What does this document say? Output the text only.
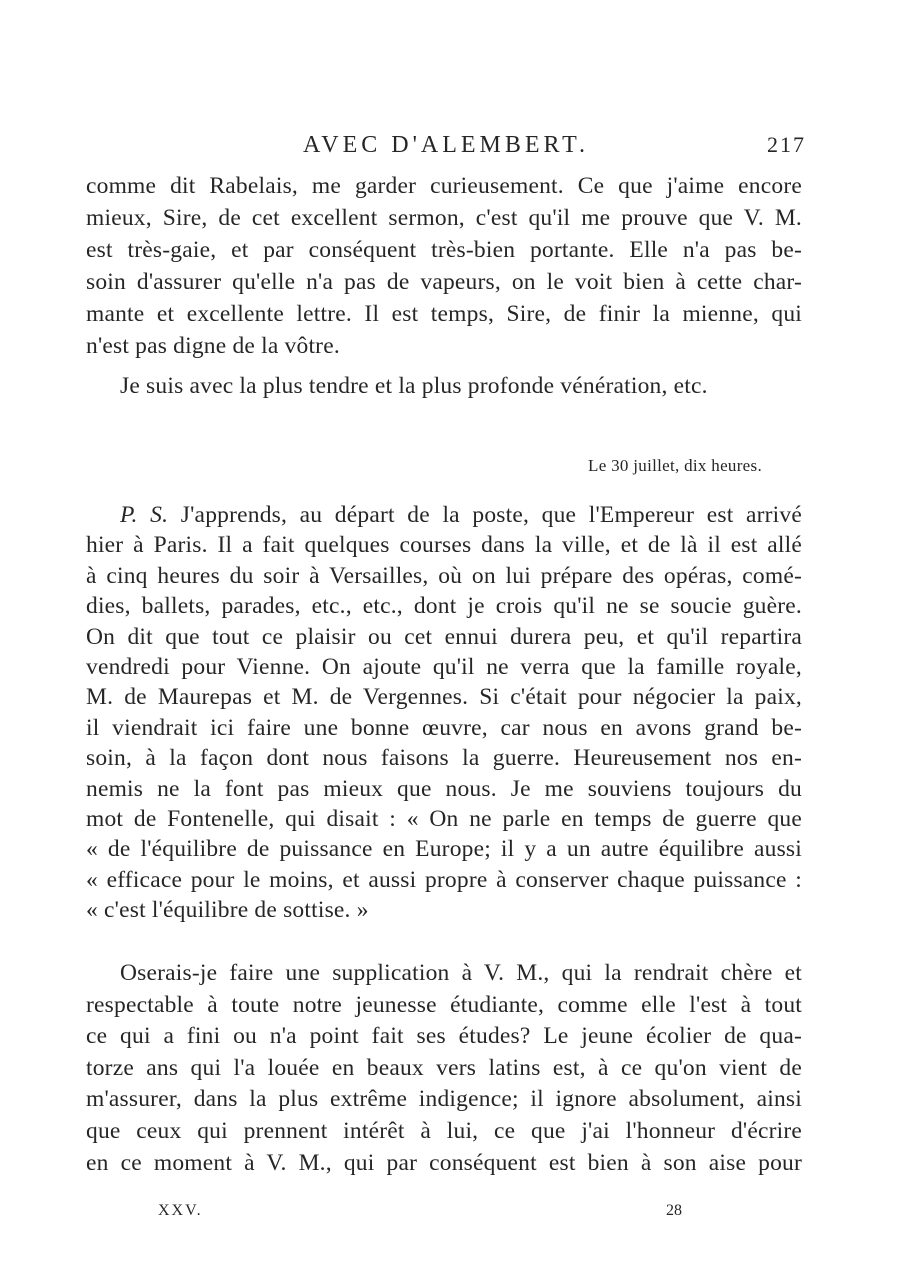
AVEC D'ALEMBERT.	217
comme dit Rabelais, me garder curieusement. Ce que j'aime encore
mieux, Sire, de cet excellent sermon, c'est qu'il me prouve que V. M.
est très-gaie, et par conséquent très-bien portante. Elle n'a pas be-
soin d'assurer qu'elle n'a pas de vapeurs, on le voit bien à cette char-
mante et excellente lettre. Il est temps, Sire, de finir la mienne, qui
n'est pas digne de la vôtre.
Je suis avec la plus tendre et la plus profonde vénération, etc.
Le 30 juillet, dix heures.
P. S. J'apprends, au départ de la poste, que l'Empereur est arrivé
hier à Paris. Il a fait quelques courses dans la ville, et de là il est allé
à cinq heures du soir à Versailles, où on lui prépare des opéras, comé-
dies, ballets, parades, etc., etc., dont je crois qu'il ne se soucie guère.
On dit que tout ce plaisir ou cet ennui durera peu, et qu'il repartira
vendredi pour Vienne. On ajoute qu'il ne verra que la famille royale,
M. de Maurepas et M. de Vergennes. Si c'était pour négocier la paix,
il viendrait ici faire une bonne œuvre, car nous en avons grand be-
soin, à la façon dont nous faisons la guerre. Heureusement nos en-
nemis ne la font pas mieux que nous. Je me souviens toujours du
mot de Fontenelle, qui disait : « On ne parle en temps de guerre que
« de l'équilibre de puissance en Europe; il y a un autre équilibre aussi
« efficace pour le moins, et aussi propre à conserver chaque puissance :
« c'est l'équilibre de sottise. »
Oserais-je faire une supplication à V. M., qui la rendrait chère et
respectable à toute notre jeunesse étudiante, comme elle l'est à tout
ce qui a fini ou n'a point fait ses études? Le jeune écolier de qua-
torze ans qui l'a louée en beaux vers latins est, à ce qu'on vient de
m'assurer, dans la plus extrême indigence; il ignore absolument, ainsi
que ceux qui prennent intérêt à lui, ce que j'ai l'honneur d'écrire
en ce moment à V. M., qui par conséquent est bien à son aise pour
XXV.	28
